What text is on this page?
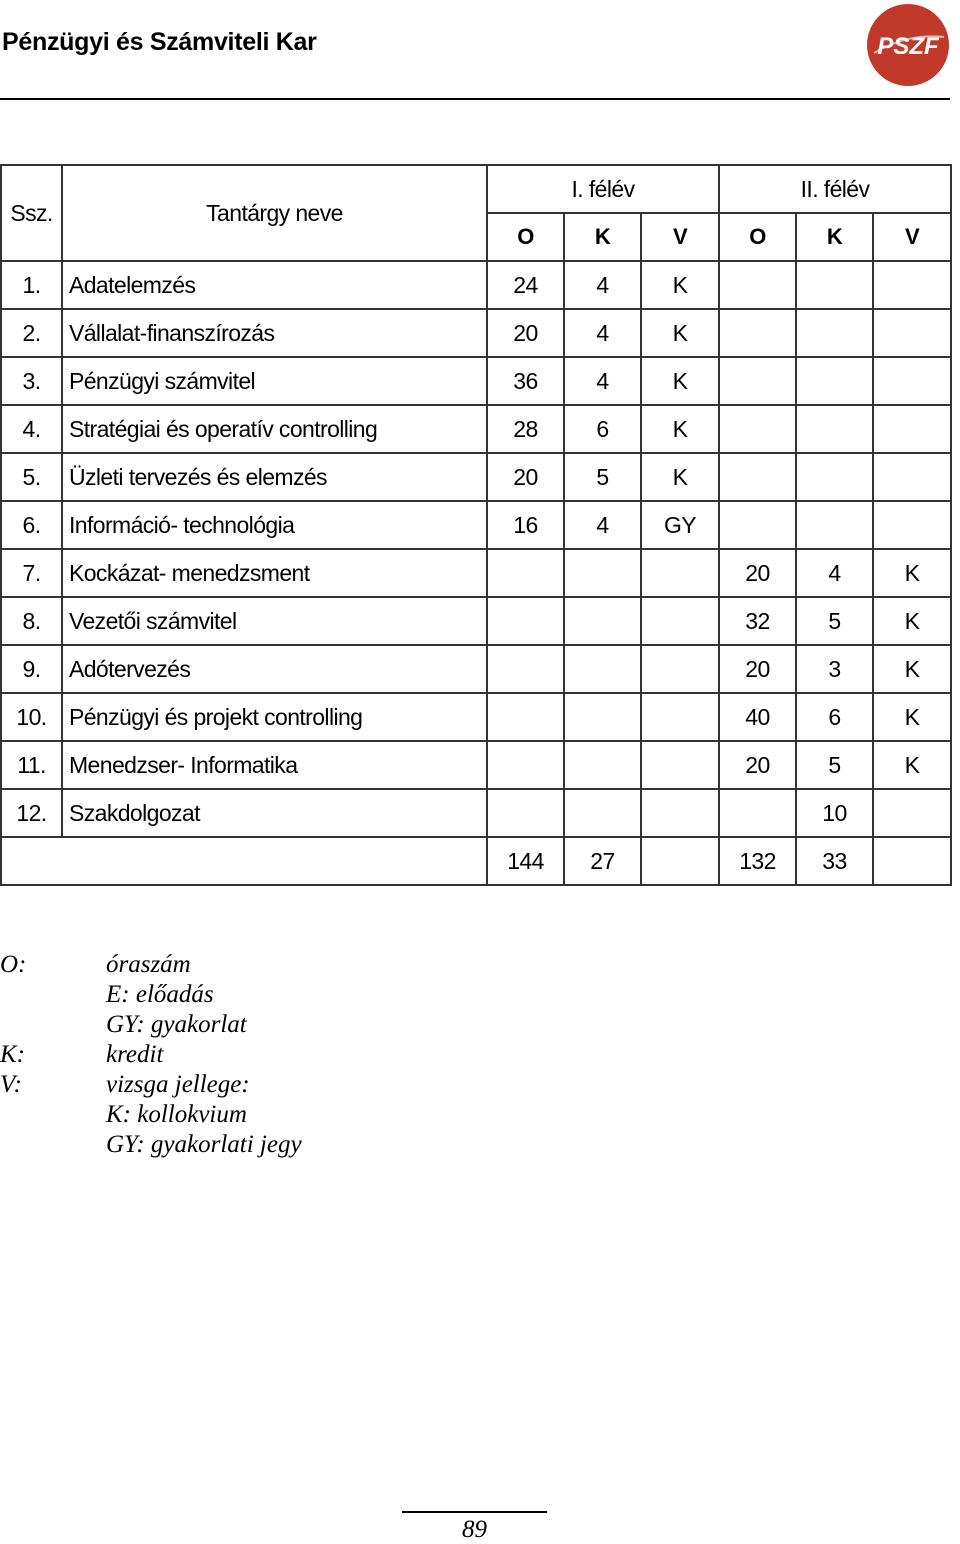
Pénzügyi és Számviteli Kar	PSZF
Ssz.	Tantárgy neve	I. félév			II. félév		
		O	K	V	O	K	V
1.	Adatelemzés	24	4	K			
2.	Vállalat-finanszírozás	20	4	K			
3.	Pénzügyi számvitel	36	4	K			
4.	Stratégiai és operatív controlling	28	6	K			
5.	Üzleti tervezés és elemzés	20	5	K			
6.	Információ- technológia	16	4	GY			
7.	Kockázat- menedzsment				20	4	K
8.	Vezetői számvitel				32	5	K
9.	Adótervezés				20	3	K
10.	Pénzügyi és projekt controlling				40	6	K
11.	Menedzser- Informatika				20	5	K
12.	Szakdolgozat					10	
		144	27		132	33	
O:	óraszám
E: előadás
GY: gyakorlat
K:	kredit
V:	vizsga jellege:
K: kollokvium
GY: gyakorlati jegy
89
